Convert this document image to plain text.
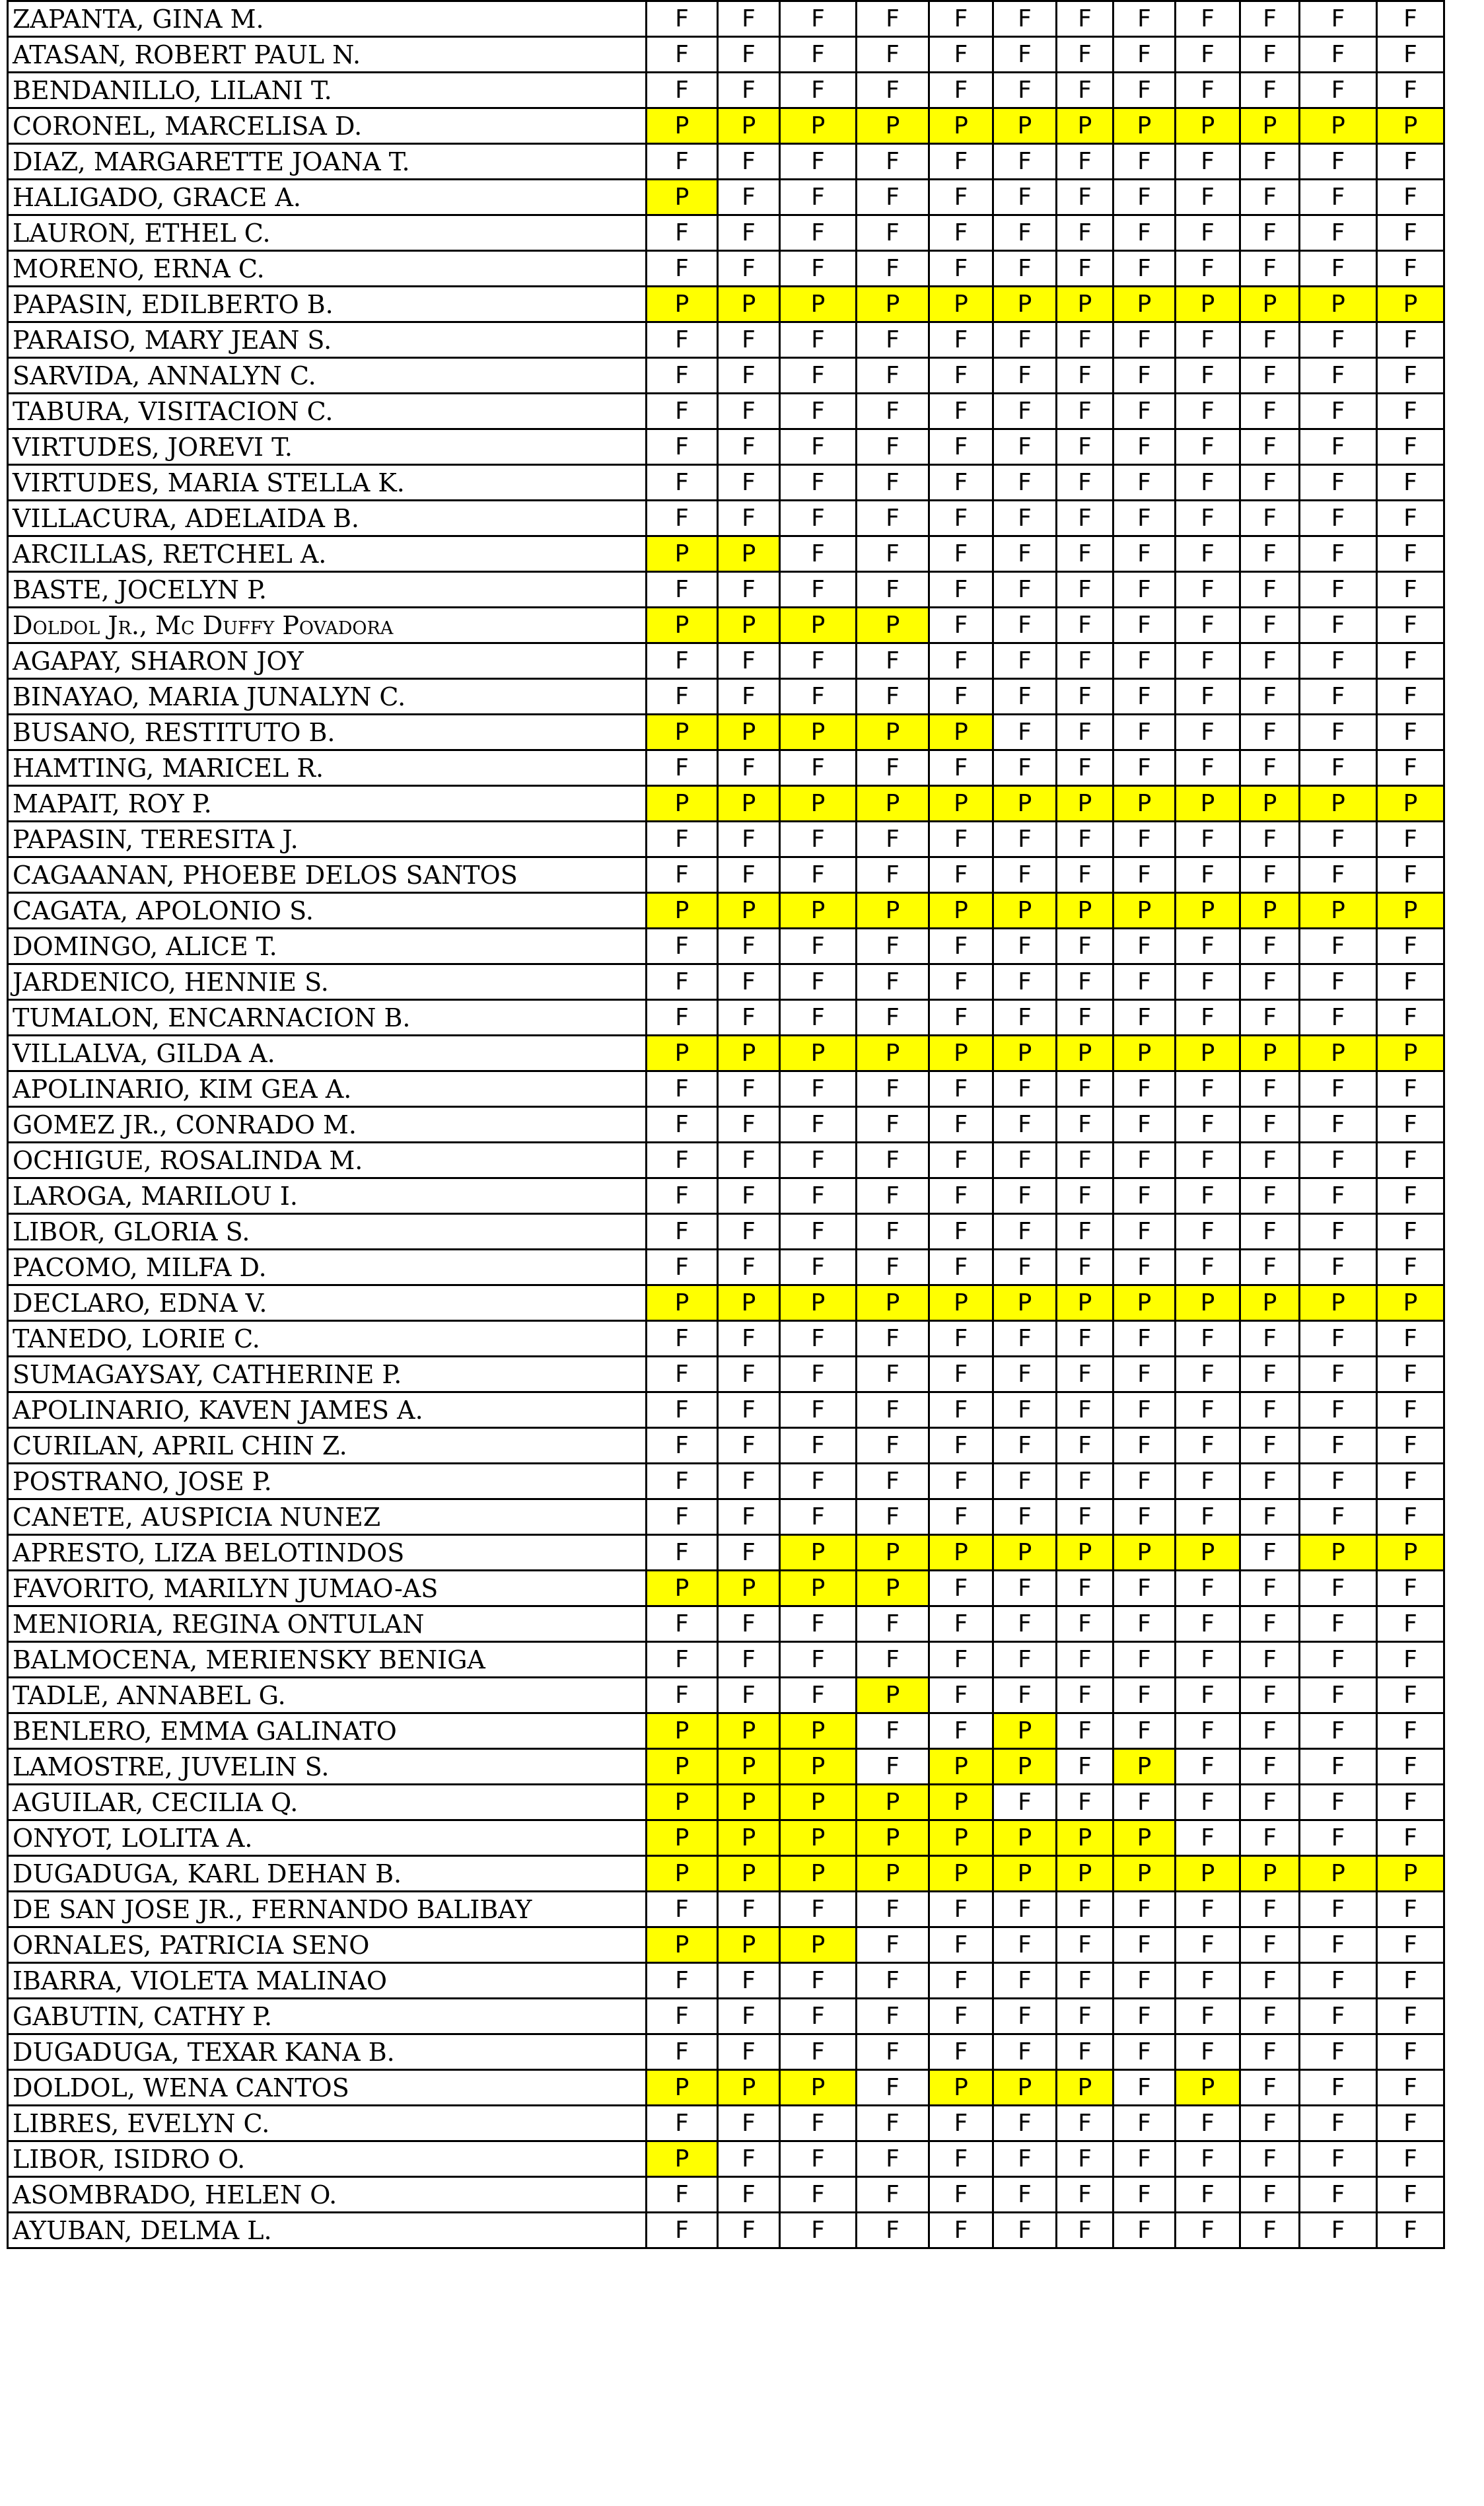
ZAPANTA, GINA M.	F	F	F	F	F	F	F	F	F	F	F	F
ATASAN, ROBERT PAUL N.	F	F	F	F	F	F	F	F	F	F	F	F
BENDANILLO, LILANI T.	F	F	F	F	F	F	F	F	F	F	F	F
CORONEL, MARCELISA D.	P	P	P	P	P	P	P	P	P	P	P	P
DIAZ, MARGARETTE JOANA T.	F	F	F	F	F	F	F	F	F	F	F	F
HALIGADO, GRACE A.	P	F	F	F	F	F	F	F	F	F	F	F
LAURON, ETHEL C.	F	F	F	F	F	F	F	F	F	F	F	F
MORENO, ERNA C.	F	F	F	F	F	F	F	F	F	F	F	F
PAPASIN, EDILBERTO B.	P	P	P	P	P	P	P	P	P	P	P	P
PARAISO, MARY JEAN S.	F	F	F	F	F	F	F	F	F	F	F	F
SARVIDA, ANNALYN C.	F	F	F	F	F	F	F	F	F	F	F	F
TABURA, VISITACION C.	F	F	F	F	F	F	F	F	F	F	F	F
VIRTUDES, JOREVI T.	F	F	F	F	F	F	F	F	F	F	F	F
VIRTUDES, MARIA STELLA K.	F	F	F	F	F	F	F	F	F	F	F	F
VILLACURA, ADELAIDA B.	F	F	F	F	F	F	F	F	F	F	F	F
ARCILLAS, RETCHEL A.	P	P	F	F	F	F	F	F	F	F	F	F
BASTE, JOCELYN P.	F	F	F	F	F	F	F	F	F	F	F	F
Doldol Jr., Mc Duffy Povadora	P	P	P	P	F	F	F	F	F	F	F	F
AGAPAY, SHARON JOY	F	F	F	F	F	F	F	F	F	F	F	F
BINAYAO, MARIA JUNALYN C.	F	F	F	F	F	F	F	F	F	F	F	F
BUSANO, RESTITUTO B.	P	P	P	P	P	F	F	F	F	F	F	F
HAMTING, MARICEL R.	F	F	F	F	F	F	F	F	F	F	F	F
MAPAIT, ROY P.	P	P	P	P	P	P	P	P	P	P	P	P
PAPASIN, TERESITA J.	F	F	F	F	F	F	F	F	F	F	F	F
CAGAANAN, PHOEBE DELOS SANTOS	F	F	F	F	F	F	F	F	F	F	F	F
CAGATA, APOLONIO S.	P	P	P	P	P	P	P	P	P	P	P	P
DOMINGO, ALICE T.	F	F	F	F	F	F	F	F	F	F	F	F
JARDENICO, HENNIE S.	F	F	F	F	F	F	F	F	F	F	F	F
TUMALON, ENCARNACION B.	F	F	F	F	F	F	F	F	F	F	F	F
VILLALVA, GILDA A.	P	P	P	P	P	P	P	P	P	P	P	P
APOLINARIO, KIM GEA A.	F	F	F	F	F	F	F	F	F	F	F	F
GOMEZ JR., CONRADO M.	F	F	F	F	F	F	F	F	F	F	F	F
OCHIGUE, ROSALINDA M.	F	F	F	F	F	F	F	F	F	F	F	F
LAROGA, MARILOU I.	F	F	F	F	F	F	F	F	F	F	F	F
LIBOR, GLORIA S.	F	F	F	F	F	F	F	F	F	F	F	F
PACOMO, MILFA D.	F	F	F	F	F	F	F	F	F	F	F	F
DECLARO, EDNA V.	P	P	P	P	P	P	P	P	P	P	P	P
TANEDO, LORIE C.	F	F	F	F	F	F	F	F	F	F	F	F
SUMAGAYSAY, CATHERINE P.	F	F	F	F	F	F	F	F	F	F	F	F
APOLINARIO, KAVEN JAMES A.	F	F	F	F	F	F	F	F	F	F	F	F
CURILAN, APRIL CHIN Z.	F	F	F	F	F	F	F	F	F	F	F	F
POSTRANO, JOSE P.	F	F	F	F	F	F	F	F	F	F	F	F
CANETE, AUSPICIA NUNEZ	F	F	F	F	F	F	F	F	F	F	F	F
APRESTO, LIZA BELOTINDOS	F	F	P	P	P	P	P	P	P	F	P	P
FAVORITO, MARILYN JUMAO-AS	P	P	P	P	F	F	F	F	F	F	F	F
MENIORIA, REGINA ONTULAN	F	F	F	F	F	F	F	F	F	F	F	F
BALMOCENA, MERIENSKY BENIGA	F	F	F	F	F	F	F	F	F	F	F	F
TADLE, ANNABEL G.	F	F	F	P	F	F	F	F	F	F	F	F
BENLERO, EMMA GALINATO	P	P	P	F	F	P	F	F	F	F	F	F
LAMOSTRE, JUVELIN S.	P	P	P	F	P	P	F	P	F	F	F	F
AGUILAR, CECILIA Q.	P	P	P	P	P	F	F	F	F	F	F	F
ONYOT, LOLITA A.	P	P	P	P	P	P	P	P	F	F	F	F
DUGADUGA, KARL DEHAN B.	P	P	P	P	P	P	P	P	P	P	P	P
DE SAN JOSE JR., FERNANDO BALIBAY	F	F	F	F	F	F	F	F	F	F	F	F
ORNALES, PATRICIA SENO	P	P	P	F	F	F	F	F	F	F	F	F
IBARRA, VIOLETA MALINAO	F	F	F	F	F	F	F	F	F	F	F	F
GABUTIN, CATHY P.	F	F	F	F	F	F	F	F	F	F	F	F
DUGADUGA, TEXAR KANA B.	F	F	F	F	F	F	F	F	F	F	F	F
DOLDOL, WENA CANTOS	P	P	P	F	P	P	P	F	P	F	F	F
LIBRES, EVELYN C.	F	F	F	F	F	F	F	F	F	F	F	F
LIBOR, ISIDRO O.	P	F	F	F	F	F	F	F	F	F	F	F
ASOMBRADO, HELEN O.	F	F	F	F	F	F	F	F	F	F	F	F
AYUBAN, DELMA L.	F	F	F	F	F	F	F	F	F	F	F	F
